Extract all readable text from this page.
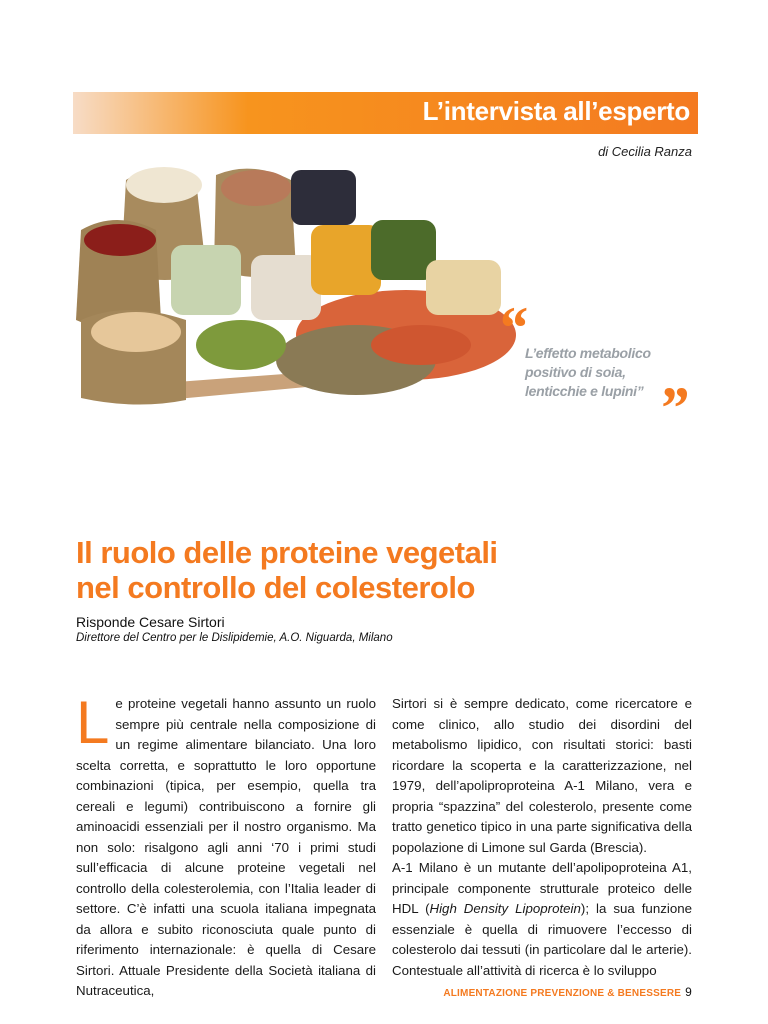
L’intervista all’esperto
di Cecilia Ranza
“
L’effetto metabolico positivo di soia, lenticchie e lupini” ”
Il ruolo delle proteine vegetali
nel controllo del colesterolo
Risponde Cesare Sirtori
Direttore del Centro per le Dislipidemie, A.O. Niguarda, Milano
L e proteine vegetali hanno assunto un ruolo sempre più centrale nella composizione di un regime alimentare bilanciato. Una loro scelta corretta, e soprattutto le loro opportune combinazioni (tipica, per esempio, quella tra cereali e legumi) contribuiscono a fornire gli aminoacidi essenziali per il nostro organismo. Ma non solo: risalgono agli anni ‘70 i primi studi sull’efficacia di alcune proteine vegetali nel controllo della colesterolemia, con l’Italia leader di settore. C’è infatti una scuola italiana impegnata da allora e subito riconosciuta quale punto di riferimento internazionale: è quella di Cesare Sirtori. Attuale Presidente della Società italiana di Nutraceutica,

Sirtori si è sempre dedicato, come ricercatore e come clinico, allo studio dei disordini del metabolismo lipidico, con risultati storici: basti ricordare la scoperta e la caratterizzazione, nel 1979, dell’apoliproproteina A-1 Milano, vera e propria “spazzina” del colesterolo, presente come tratto genetico tipico in una parte significativa della popolazione di Limone sul Garda (Brescia).

A-1 Milano è un mutante dell’apolipoproteina A1, principale componente strutturale proteico delle HDL (High Density Lipoprotein); la sua funzione essenziale è quella di rimuovere l’eccesso di colesterolo dai tessuti (in particolare dal le arterie). Contestuale all’attività di ricerca è lo sviluppo

ALIMENTAZIONE PREVENZIONE & BENESSERE 9
